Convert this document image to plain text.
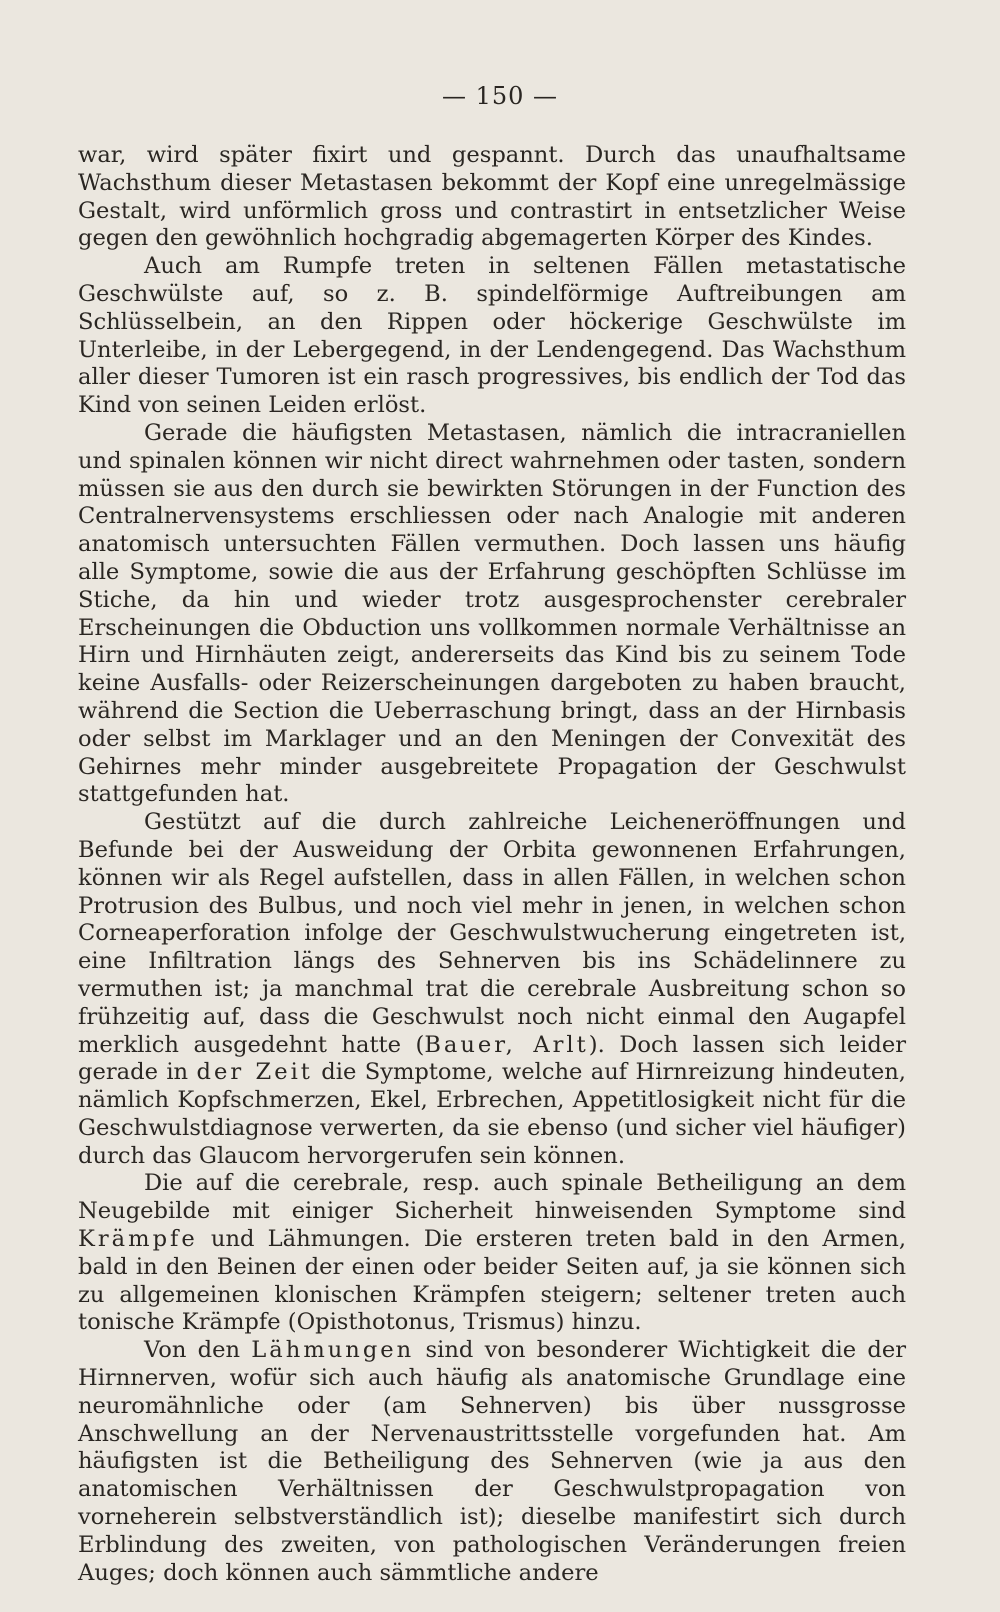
— 150 —

war, wird später fixirt und gespannt. Durch das unaufhaltsame Wachsthum dieser Metastasen bekommt der Kopf eine unregelmässige Gestalt, wird unförmlich gross und contrastirt in entsetzlicher Weise gegen den gewöhnlich hochgradig abgemagerten Körper des Kindes.

Auch am Rumpfe treten in seltenen Fällen metastatische Geschwülste auf, so z. B. spindelförmige Auftreibungen am Schlüsselbein, an den Rippen oder höckerige Geschwülste im Unterleibe, in der Lebergegend, in der Lendengegend. Das Wachsthum aller dieser Tumoren ist ein rasch progressives, bis endlich der Tod das Kind von seinen Leiden erlöst.

Gerade die häufigsten Metastasen, nämlich die intracraniellen und spinalen können wir nicht direct wahrnehmen oder tasten, sondern müssen sie aus den durch sie bewirkten Störungen in der Function des Centralnervensystems erschliessen oder nach Analogie mit anderen anatomisch untersuchten Fällen vermuthen. Doch lassen uns häufig alle Symptome, sowie die aus der Erfahrung geschöpften Schlüsse im Stiche, da hin und wieder trotz ausgesprochenster cerebraler Erscheinungen die Obduction uns vollkommen normale Verhältnisse an Hirn und Hirnhäuten zeigt, andererseits das Kind bis zu seinem Tode keine Ausfalls- oder Reizerscheinungen dargeboten zu haben braucht, während die Section die Ueberraschung bringt, dass an der Hirnbasis oder selbst im Marklager und an den Meningen der Convexität des Gehirnes mehr minder ausgebreitete Propagation der Geschwulst stattgefunden hat.

Gestützt auf die durch zahlreiche Leicheneröffnungen und Befunde bei der Ausweidung der Orbita gewonnenen Erfahrungen, können wir als Regel aufstellen, dass in allen Fällen, in welchen schon Protrusion des Bulbus, und noch viel mehr in jenen, in welchen schon Corneaperforation infolge der Geschwulstwucherung eingetreten ist, eine Infiltration längs des Sehnerven bis ins Schädelinnere zu vermuthen ist; ja manchmal trat die cerebrale Ausbreitung schon so frühzeitig auf, dass die Geschwulst noch nicht einmal den Augapfel merklich ausgedehnt hatte (Bauer, Arlt). Doch lassen sich leider gerade in der Zeit die Symptome, welche auf Hirnreizung hindeuten, nämlich Kopfschmerzen, Ekel, Erbrechen, Appetitlosigkeit nicht für die Geschwulstdiagnose verwerten, da sie ebenso (und sicher viel häufiger) durch das Glaucom hervorgerufen sein können.

Die auf die cerebrale, resp. auch spinale Betheiligung an dem Neugebilde mit einiger Sicherheit hinweisenden Symptome sind Krämpfe und Lähmungen. Die ersteren treten bald in den Armen, bald in den Beinen der einen oder beider Seiten auf, ja sie können sich zu allgemeinen klonischen Krämpfen steigern; seltener treten auch tonische Krämpfe (Opisthotonus, Trismus) hinzu.

Von den Lähmungen sind von besonderer Wichtigkeit die der Hirnnerven, wofür sich auch häufig als anatomische Grundlage eine neuromähnliche oder (am Sehnerven) bis über nussgrosse Anschwellung an der Nervenaustrittsstelle vorgefunden hat. Am häufigsten ist die Betheiligung des Sehnerven (wie ja aus den anatomischen Verhältnissen der Geschwulstpropagation von vorneherein selbstverständlich ist); dieselbe manifestirt sich durch Erblindung des zweiten, von pathologischen Veränderungen freien Auges; doch können auch sämmtliche andere
